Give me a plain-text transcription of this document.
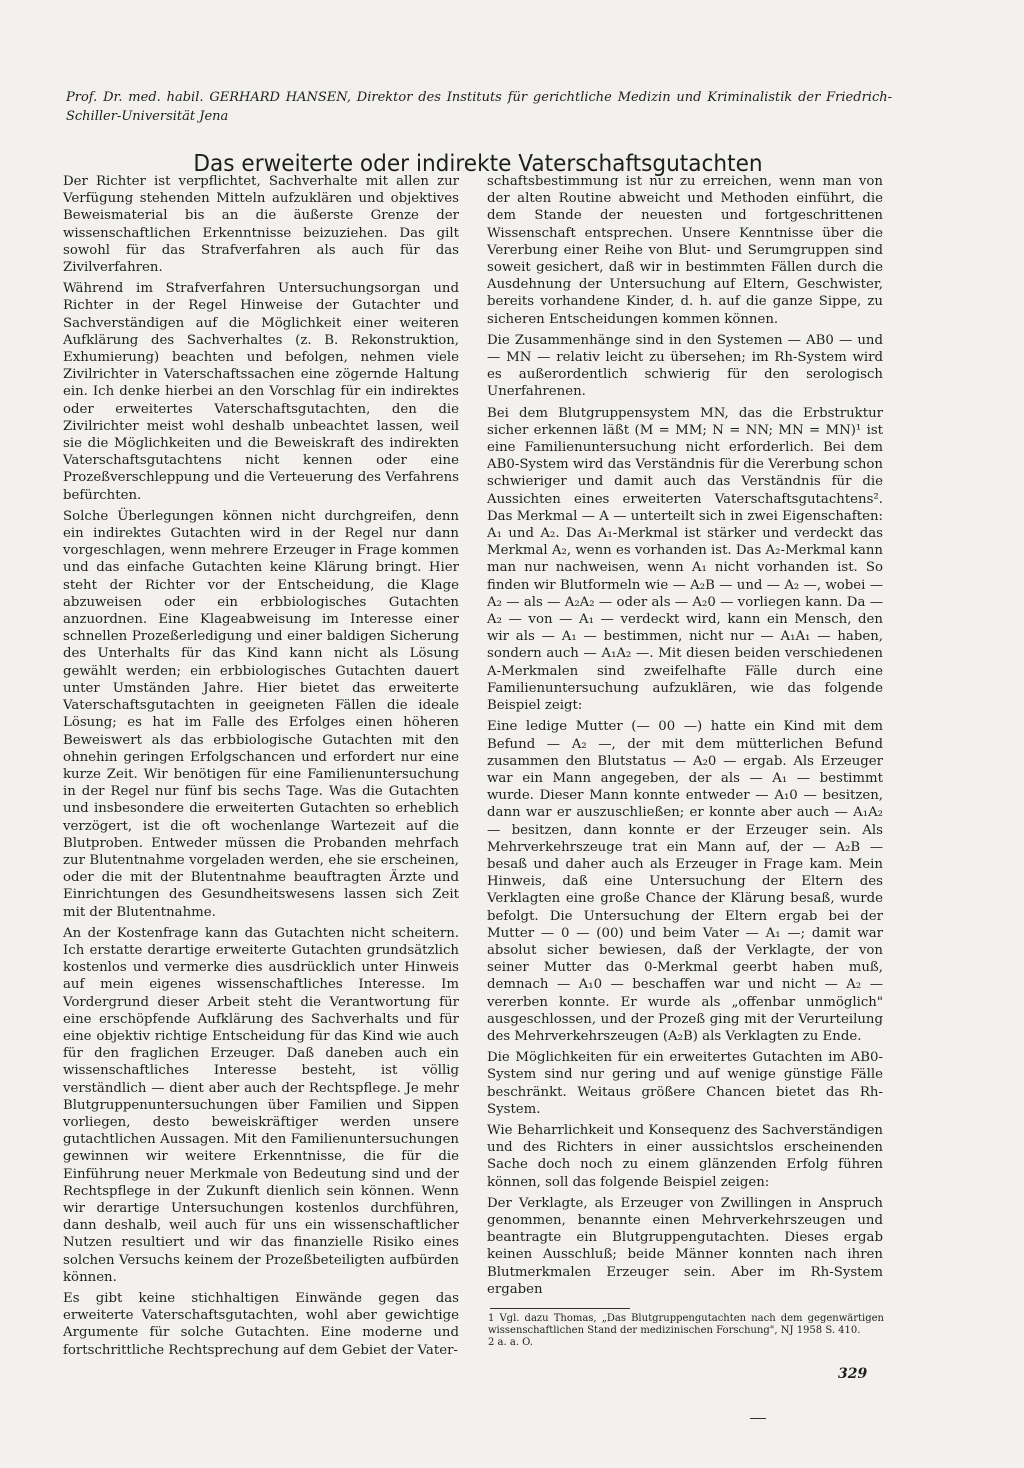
Prof. Dr. med. habil. GERHARD HANSEN, Direktor des Instituts für gerichtliche Medizin und Kriminalistik der Friedrich-Schiller-Universität Jena
Das erweiterte oder indirekte Vaterschaftsgutachten

Der Richter ist verpflichtet, Sachverhalte mit allen zur Verfügung stehenden Mitteln aufzuklären und objektives Beweismaterial bis an die äußerste Grenze der wissenschaftlichen Erkenntnisse beizuziehen. Das gilt sowohl für das Strafverfahren als auch für das Zivilverfahren.

Während im Strafverfahren Untersuchungsorgan und Richter in der Regel Hinweise der Gutachter und Sachverständigen auf die Möglichkeit einer weiteren Aufklärung des Sachverhaltes (z. B. Rekonstruktion, Exhumierung) beachten und befolgen, nehmen viele Zivilrichter in Vaterschaftssachen eine zögernde Haltung ein. Ich denke hierbei an den Vorschlag für ein indirektes oder erweitertes Vaterschaftsgutachten, den die Zivilrichter meist wohl deshalb unbeachtet lassen, weil sie die Möglichkeiten und die Beweiskraft des indirekten Vaterschaftsgutachtens nicht kennen oder eine Prozeßverschleppung und die Verteuerung des Verfahrens befürchten.

Solche Überlegungen können nicht durchgreifen, denn ein indirektes Gutachten wird in der Regel nur dann vorgeschlagen, wenn mehrere Erzeuger in Frage kommen und das einfache Gutachten keine Klärung bringt. Hier steht der Richter vor der Entscheidung, die Klage abzuweisen oder ein erbbiologisches Gutachten anzuordnen. Eine Klageabweisung im Interesse einer schnellen Prozeßerledigung und einer baldigen Sicherung des Unterhalts für das Kind kann nicht als Lösung gewählt werden; ein erbbiologisches Gutachten dauert unter Umständen Jahre. Hier bietet das erweiterte Vaterschaftsgutachten in geeigneten Fällen die ideale Lösung; es hat im Falle des Erfolges einen höheren Beweiswert als das erbbiologische Gutachten mit den ohnehin geringen Erfolgschancen und erfordert nur eine kurze Zeit. Wir benötigen für eine Familienuntersuchung in der Regel nur fünf bis sechs Tage. Was die Gutachten und insbesondere die erweiterten Gutachten so erheblich verzögert, ist die oft wochenlange Wartezeit auf die Blutproben. Entweder müssen die Probanden mehrfach zur Blutentnahme vorgeladen werden, ehe sie erscheinen, oder die mit der Blutentnahme beauftragten Ärzte und Einrichtungen des Gesundheitswesens lassen sich Zeit mit der Blutentnahme.

An der Kostenfrage kann das Gutachten nicht scheitern. Ich erstatte derartige erweiterte Gutachten grundsätzlich kostenlos und vermerke dies ausdrücklich unter Hinweis auf mein eigenes wissenschaftliches Interesse. Im Vordergrund dieser Arbeit steht die Verantwortung für eine erschöpfende Aufklärung des Sachverhalts und für eine objektiv richtige Entscheidung für das Kind wie auch für den fraglichen Erzeuger. Daß daneben auch ein wissenschaftliches Interesse besteht, ist völlig verständlich — dient aber auch der Rechtspflege. Je mehr Blutgruppenuntersuchungen über Familien und Sippen vorliegen, desto beweiskräftiger werden unsere gutachtlichen Aussagen. Mit den Familienuntersuchungen gewinnen wir weitere Erkenntnisse, die für die Einführung neuer Merkmale von Bedeutung sind und der Rechtspflege in der Zukunft dienlich sein können. Wenn wir derartige Untersuchungen kostenlos durchführen, dann deshalb, weil auch für uns ein wissenschaftlicher Nutzen resultiert und wir das finanzielle Risiko eines solchen Versuchs keinem der Prozeßbeteiligten aufbürden können.

Es gibt keine stichhaltigen Einwände gegen das erweiterte Vaterschaftsgutachten, wohl aber gewichtige Argumente für solche Gutachten. Eine moderne und fortschrittliche Rechtsprechung auf dem Gebiet der Vater-

schaftsbestimmung ist nur zu erreichen, wenn man von der alten Routine abweicht und Methoden einführt, die dem Stande der neuesten und fortgeschrittenen Wissenschaft entsprechen. Unsere Kenntnisse über die Vererbung einer Reihe von Blut- und Serumgruppen sind soweit gesichert, daß wir in bestimmten Fällen durch die Ausdehnung der Untersuchung auf Eltern, Geschwister, bereits vorhandene Kinder, d. h. auf die ganze Sippe, zu sicheren Entscheidungen kommen können.

Die Zusammenhänge sind in den Systemen — AB0 — und — MN — relativ leicht zu übersehen; im Rh-System wird es außerordentlich schwierig für den serologisch Unerfahrenen.

Bei dem Blutgruppensystem MN, das die Erbstruktur sicher erkennen läßt (M = MM; N = NN; MN = MN)¹ ist eine Familienuntersuchung nicht erforderlich. Bei dem AB0-System wird das Verständnis für die Vererbung schon schwieriger und damit auch das Verständnis für die Aussichten eines erweiterten Vaterschaftsgutachtens². Das Merkmal — A — unterteilt sich in zwei Eigenschaften: A₁ und A₂. Das A₁-Merkmal ist stärker und verdeckt das Merkmal A₂, wenn es vorhanden ist. Das A₂-Merkmal kann man nur nachweisen, wenn A₁ nicht vorhanden ist. So finden wir Blutformeln wie — A₂B — und — A₂ —, wobei — A₂ — als — A₂A₂ — oder als — A₂0 — vorliegen kann. Da — A₂ — von — A₁ — verdeckt wird, kann ein Mensch, den wir als — A₁ — bestimmen, nicht nur — A₁A₁ — haben, sondern auch — A₁A₂ —. Mit diesen beiden verschiedenen A-Merkmalen sind zweifelhafte Fälle durch eine Familienuntersuchung aufzuklären, wie das folgende Beispiel zeigt:

Eine ledige Mutter (— 00 —) hatte ein Kind mit dem Befund — A₂ —, der mit dem mütterlichen Befund zusammen den Blutstatus — A₂0 — ergab. Als Erzeuger war ein Mann angegeben, der als — A₁ — bestimmt wurde. Dieser Mann konnte entweder — A₁0 — besitzen, dann war er auszuschließen; er konnte aber auch — A₁A₂ — besitzen, dann konnte er der Erzeuger sein. Als Mehrverkehrszeuge trat ein Mann auf, der — A₂B — besaß und daher auch als Erzeuger in Frage kam. Mein Hinweis, daß eine Untersuchung der Eltern des Verklagten eine große Chance der Klärung besaß, wurde befolgt. Die Untersuchung der Eltern ergab bei der Mutter — 0 — (00) und beim Vater — A₁ —; damit war absolut sicher bewiesen, daß der Verklagte, der von seiner Mutter das 0-Merkmal geerbt haben muß, demnach — A₁0 — beschaffen war und nicht — A₂ — vererben konnte. Er wurde als „offenbar unmöglich" ausgeschlossen, und der Prozeß ging mit der Verurteilung des Mehrverkehrszeugen (A₂B) als Verklagten zu Ende.

Die Möglichkeiten für ein erweitertes Gutachten im AB0-System sind nur gering und auf wenige günstige Fälle beschränkt. Weitaus größere Chancen bietet das Rh-System.

Wie Beharrlichkeit und Konsequenz des Sachverständigen und des Richters in einer aussichtslos erscheinenden Sache doch noch zu einem glänzenden Erfolg führen können, soll das folgende Beispiel zeigen:

Der Verklagte, als Erzeuger von Zwillingen in Anspruch genommen, benannte einen Mehrverkehrszeugen und beantragte ein Blutgruppengutachten. Dieses ergab keinen Ausschluß; beide Männer konnten nach ihren Blutmerkmalen Erzeuger sein. Aber im Rh-System ergaben

1 Vgl. dazu Thomas, „Das Blutgruppengutachten nach dem gegenwärtigen wissenschaftlichen Stand der medizinischen Forschung", NJ 1958 S. 410.

2 a. a. O.

329
